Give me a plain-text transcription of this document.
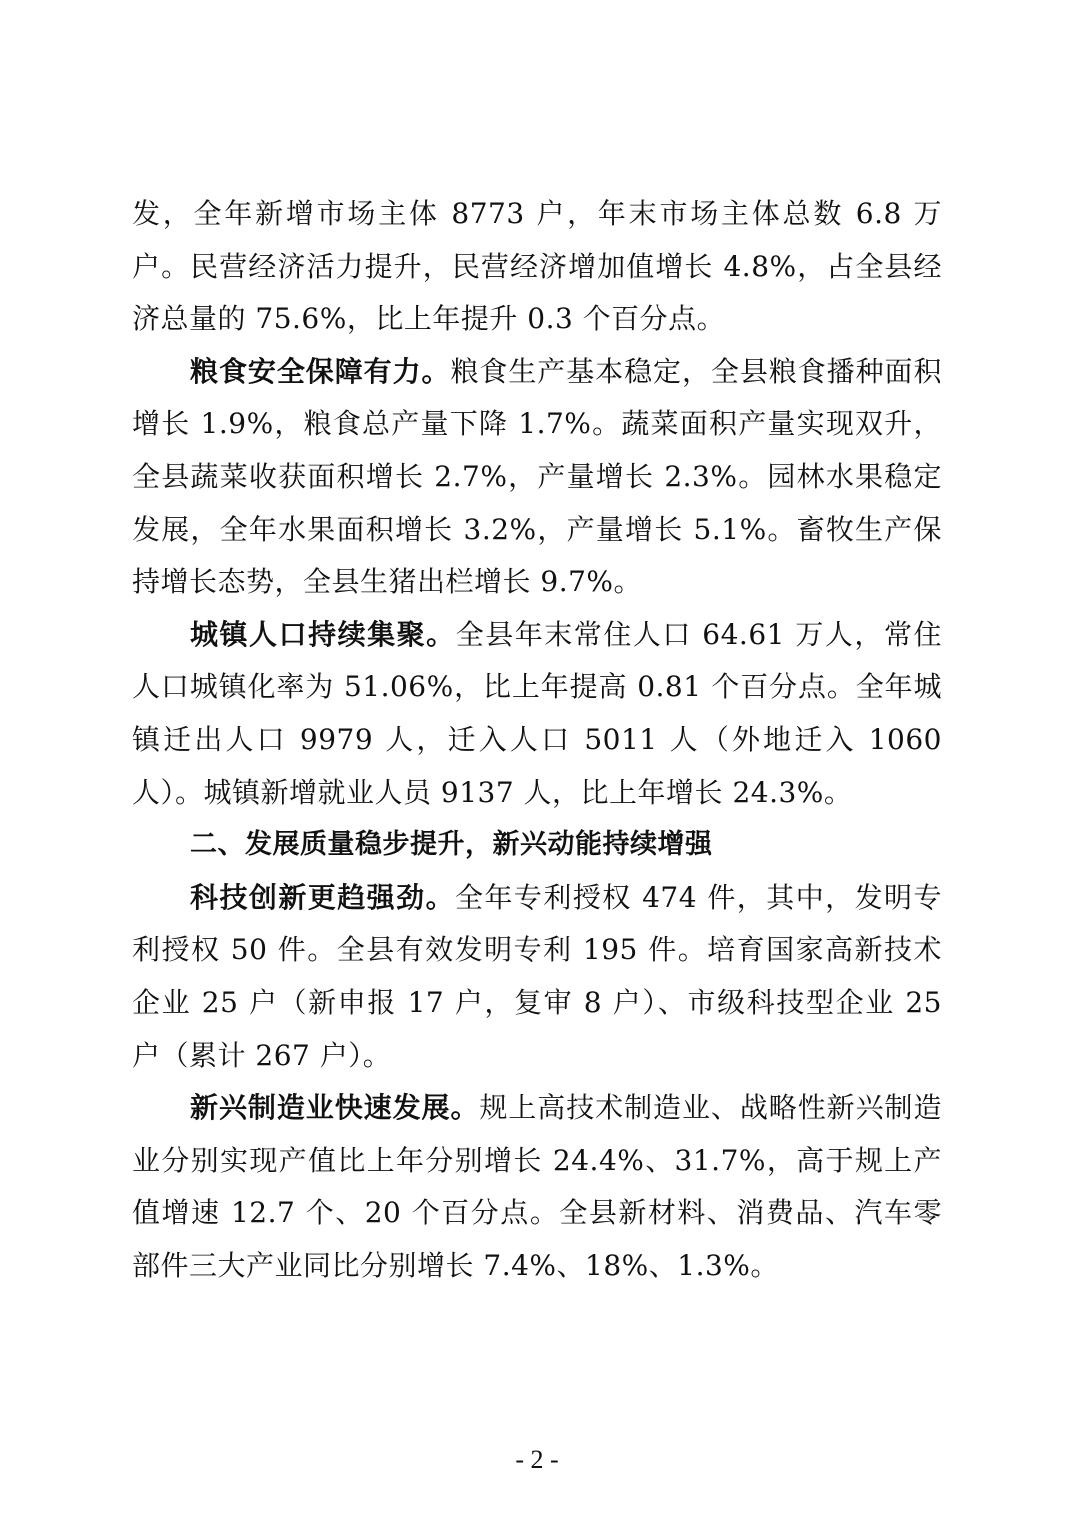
发，全年新增市场主体 8773 户，年末市场主体总数 6.8 万户。民营经济活力提升，民营经济增加值增长 4.8%，占全县经济总量的 75.6%，比上年提升 0.3 个百分点。

粮食安全保障有力。粮食生产基本稳定，全县粮食播种面积增长 1.9%，粮食总产量下降 1.7%。蔬菜面积产量实现双升，全县蔬菜收获面积增长 2.7%，产量增长 2.3%。园林水果稳定发展，全年水果面积增长 3.2%，产量增长 5.1%。畜牧生产保持增长态势，全县生猪出栏增长 9.7%。

城镇人口持续集聚。全县年末常住人口 64.61 万人，常住人口城镇化率为 51.06%，比上年提高 0.81 个百分点。全年城镇迁出人口 9979 人，迁入人口 5011 人（外地迁入 1060 人）。城镇新增就业人员 9137 人，比上年增长 24.3%。

二、发展质量稳步提升，新兴动能持续增强

科技创新更趋强劲。全年专利授权 474 件，其中，发明专利授权 50 件。全县有效发明专利 195 件。培育国家高新技术企业 25 户（新申报 17 户，复审 8 户）、市级科技型企业 25 户（累计 267 户）。

新兴制造业快速发展。规上高技术制造业、战略性新兴制造业分别实现产值比上年分别增长 24.4%、31.7%，高于规上产值增速 12.7 个、20 个百分点。全县新材料、消费品、汽车零部件三大产业同比分别增长 7.4%、18%、1.3%。

- 2 -
